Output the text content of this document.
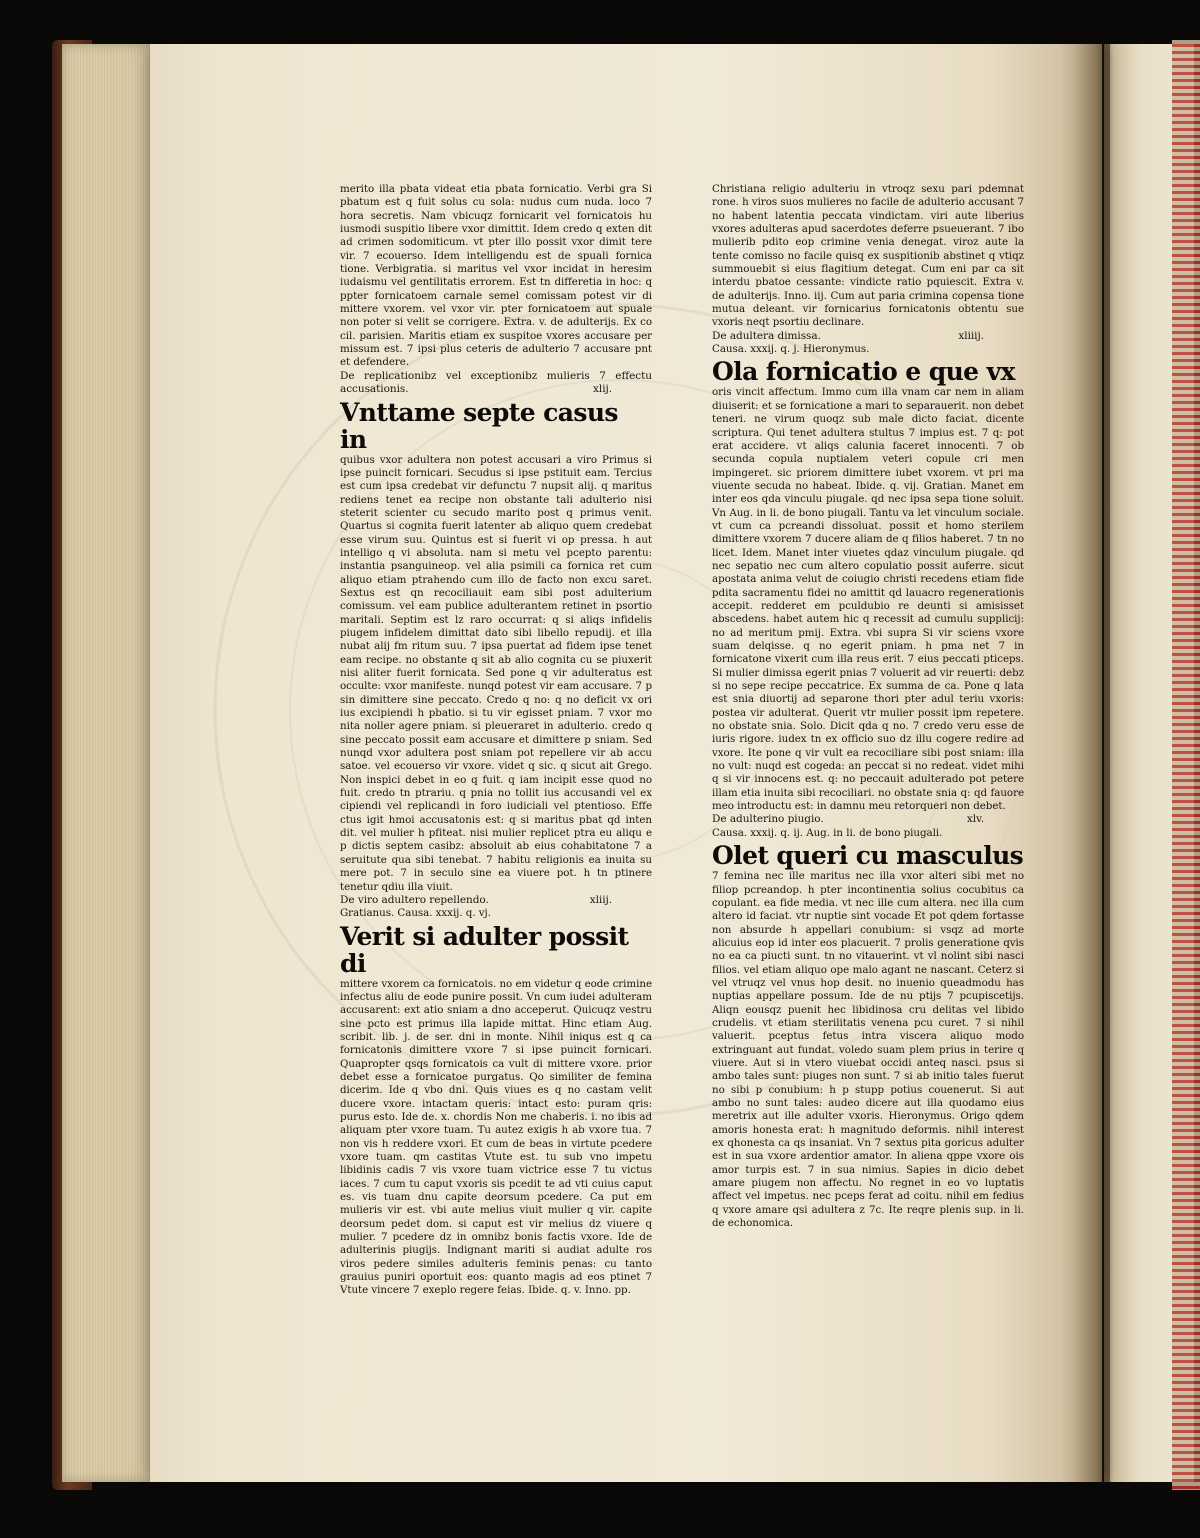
merito illa pbata videat etia pbata fornicatio. Verbi gra Si pbatum est q fuit solus cu sola: nudus cum nuda. loco 7 hora secretis. Nam vbicuqz fornicarit vel fornicatois hu iusmodi suspitio libere vxor dimittit. Idem credo q exten dit ad crimen sodomiticum. vt pter illo possit vxor dimit tere vir. 7 ecouerso. Idem intelligendu est de spuali fornica tione. Verbigratia. si maritus vel vxor incidat in heresim iudaismu vel gentilitatis errorem. Est tn differetia in hoc: q ppter fornicatoem carnale semel comissam potest vir di mittere vxorem. vel vxor vir. pter fornicatoem aut spuale non poter si velit se corrigere. Extra. v. de adulterijs. Ex co cil. parisien. Maritis etiam ex suspitoe vxores accusare per missum est. 7 ipsi plus ceteris de adulterio 7 accusare pnt et defendere.

De replicationibz vel exceptionibz mulieris 7 effectu accusationis.	xlij.

Vnttame septe casus in

quibus vxor adultera non potest accusari a viro Primus si ipse puincit fornicari. Secudus si ipse pstituit eam. Tercius est cum ipsa credebat vir defunctu 7 nupsit alij. q maritus rediens tenet ea recipe non obstante tali adulterio nisi steterit scienter cu secudo marito post q primus venit. Quartus si cognita fuerit latenter ab aliquo quem credebat esse virum suu. Quintus est si fuerit vi op pressa. h aut intelligo q vi absoluta. nam si metu vel pcepto parentu: instantia psanguineop. vel alia psimili ca fornica ret cum aliquo etiam ptrahendo cum illo de facto non excu saret. Sextus est qn recociliauit eam sibi post adulterium comissum. vel eam publice adulterantem retinet in psortio maritali. Septim est lz raro occurrat: q si aliqs infidelis piugem infidelem dimittat dato sibi libello repudij. et illa nubat alij fm ritum suu. 7 ipsa puertat ad fidem ipse tenet eam recipe. no obstante q sit ab alio cognita cu se piuxerit nisi aliter fuerit fornicata. Sed pone q vir adulteratus est occulte: vxor manifeste. nunqd potest vir eam accusare. 7 p sin dimittere sine peccato. Credo q no: q no deficit vx ori ius excipiendi h pbatio. si tu vir egisset pniam. 7 vxor mo nita noller agere pniam. si pleueraret in adulterio. credo q sine peccato possit eam accusare et dimittere p sniam. Sed nunqd vxor adultera post sniam pot repellere vir ab accu satoe. vel ecouerso vir vxore. videt q sic. q sicut ait Grego. Non inspici debet in eo q fuit. q iam incipit esse quod no fuit. credo tn ptrariu. q pnia no tollit ius accusandi vel ex cipiendi vel replicandi in foro iudiciali vel ptentioso. Effe ctus igit hmoi accusatonis est: q si maritus pbat qd inten dit. vel mulier h pfiteat. nisi mulier replicet ptra eu aliqu e p dictis septem casibz: absoluit ab eius cohabitatone 7 a seruitute qua sibi tenebat. 7 habitu religionis ea inuita su mere pot. 7 in seculo sine ea viuere pot. h tn ptinere tenetur qdiu illa viuit.

De viro adultero repellendo.	xliij.

Gratianus. Causa. xxxij. q. vj.

Verit si adulter possit di

mittere vxorem ca fornicatois. no em videtur q eode crimine infectus aliu de eode punire possit. Vn cum iudei adulteram accusarent: ext atio sniam a dno acceperut. Quicuqz vestru sine pcto est primus illa lapide mittat. Hinc etiam Aug. scribit. lib. j. de ser. dni in monte. Nihil iniqus est q ca fornicatonis dimittere vxore 7 si ipse puincit fornicari. Quapropter qsqs fornicatois ca vult di mittere vxore. prior debet esse a fornicatoe purgatus. Qo similiter de femina dicerim. Ide q vbo dni. Quis viues es q no castam velit ducere vxore. intactam queris: intact esto: puram qris: purus esto. Ide de. x. chordis Non me chaberis. i. no ibis ad aliquam pter vxore tuam. Tu autez exigis h ab vxore tua. 7 non vis h reddere vxori. Et cum de beas in virtute pcedere vxore tuam. qm castitas Vtute est. tu sub vno impetu libidinis cadis 7 vis vxore tuam victrice esse 7 tu victus iaces. 7 cum tu caput vxoris sis pcedit te ad vti cuius caput es. vis tuam dnu capite deorsum pcedere. Ca put em mulieris vir est. vbi aute melius viuit mulier q vir. capite deorsum pedet dom. si caput est vir melius dz viuere q mulier. 7 pcedere dz in omnibz bonis factis vxore. Ide de adulterinis piugijs. Indignant mariti si audiat adulte ros viros pedere similes adulteris feminis penas: cu tanto grauius puniri oportuit eos: quanto magis ad eos ptinet 7 Vtute vincere 7 exeplo regere feias. Ibide. q. v. Inno. pp.

Christiana religio adulteriu in vtroqz sexu pari pdemnat rone. h viros suos mulieres no facile de adulterio accusant 7 no habent latentia peccata vindictam. viri aute liberius vxores adulteras apud sacerdotes deferre psueuerant. 7 ibo mulierib pdito eop crimine venia denegat. viroz aute la tente comisso no facile quisq ex suspitionib abstinet q vtiqz summouebit si eius flagitium detegat. Cum eni par ca sit interdu pbatoe cessante: vindicte ratio pquiescit. Extra v. de adulterijs. Inno. iij. Cum aut paria crimina copensa tione mutua deleant. vir fornicarius fornicatonis obtentu sue vxoris neqt psortiu declinare.

De adultera dimissa.	xliiij.

Causa. xxxij. q. j. Hieronymus.

Ola fornicatio e que vx

oris vincit affectum. Immo cum illa vnam car nem in aliam diuiserit: et se fornicatione a mari to separauerit. non debet teneri. ne virum quoqz sub male dicto faciat. dicente scriptura. Qui tenet adultera stultus 7 impius est. 7 q: pot erat accidere. vt aliqs calunia faceret innocenti. 7 ob secunda copula nuptialem veteri copule cri men impingeret. sic priorem dimittere iubet vxorem. vt pri ma viuente secuda no habeat. Ibide. q. vij. Gratian. Manet em inter eos qda vinculu piugale. qd nec ipsa sepa tione soluit. Vn Aug. in li. de bono piugali. Tantu va let vinculum sociale. vt cum ca pcreandi dissoluat. possit et homo sterilem dimittere vxorem 7 ducere aliam de q filios haberet. 7 tn no licet. Idem. Manet inter viuetes qdaz vinculum piugale. qd nec sepatio nec cum altero copulatio possit auferre. sicut apostata anima velut de coiugio christi recedens etiam fide pdita sacramentu fidei no amittit qd lauacro regenerationis accepit. redderet em pculdubio re deunti si amisisset abscedens. habet autem hic q recessit ad cumulu supplicij: no ad meritum pmij. Extra. vbi supra Si vir sciens vxore suam delqisse. q no egerit pniam. h pma net 7 in fornicatone vixerit cum illa reus erit. 7 eius peccati pticeps. Si mulier dimissa egerit pnias 7 voluerit ad vir reuerti: debz si no sepe recipe peccatrice. Ex summa de ca. Pone q lata est snia diuortij ad separone thori pter adul teriu vxoris: postea vir adulterat. Querit vtr mulier possit ipm repetere. no obstate snia. Solo. Dicit qda q no. 7 credo veru esse de iuris rigore. iudex tn ex officio suo dz illu cogere redire ad vxore. Ite pone q vir vult ea recociliare sibi post sniam: illa no vult: nuqd est cogeda: an peccat si no redeat. videt mihi q si vir innocens est. q: no peccauit adulterado pot petere illam etia inuita sibi recociliari. no obstate snia q: qd fauore meo introductu est: in damnu meu retorqueri non debet.

De adulterino piugio.	xlv.

Causa. xxxij. q. ij. Aug. in li. de bono piugali.

Olet queri cu masculus

7 femina nec ille maritus nec illa vxor alteri sibi met no filiop pcreandop. h pter incontinentia solius cocubitus ca copulant. ea fide media. vt nec ille cum altera. nec illa cum altero id faciat. vtr nuptie sint vocade Et pot qdem fortasse non absurde h appellari conubium: si vsqz ad morte alicuius eop id inter eos placuerit. 7 prolis generatione qvis no ea ca piucti sunt. tn no vitauerint. vt vl nolint sibi nasci filios. vel etiam aliquo ope malo agant ne nascant. Ceterz si vel vtruqz vel vnus hop desit. no inuenio queadmodu has nuptias appellare possum. Ide de nu ptijs 7 pcupiscetijs. Aliqn eousqz puenit hec libidinosa cru delitas vel libido crudelis. vt etiam sterilitatis venena pcu curet. 7 si nihil valuerit. pceptus fetus intra viscera aliquo modo extringuant aut fundat. voledo suam plem prius in terire q viuere. Aut si in vtero viuebat occidi anteq nasci. psus si ambo tales sunt: piuges non sunt. 7 si ab initio tales fuerut no sibi p conubium: h p stupp potius couenerut. Si aut ambo no sunt tales: audeo dicere aut illa quodamo eius meretrix aut ille adulter vxoris. Hieronymus. Origo qdem amoris honesta erat: h magnitudo deformis. nihil interest ex qhonesta ca qs insaniat. Vn 7 sextus pita goricus adulter est in sua vxore ardentior amator. In aliena qppe vxore ois amor turpis est. 7 in sua nimius. Sapies in dicio debet amare piugem non affectu. No regnet in eo vo luptatis affect vel impetus. nec pceps ferat ad coitu. nihil em fedius q vxore amare qsi adultera z 7c. Ite reqre plenis sup. in li. de echonomica.
